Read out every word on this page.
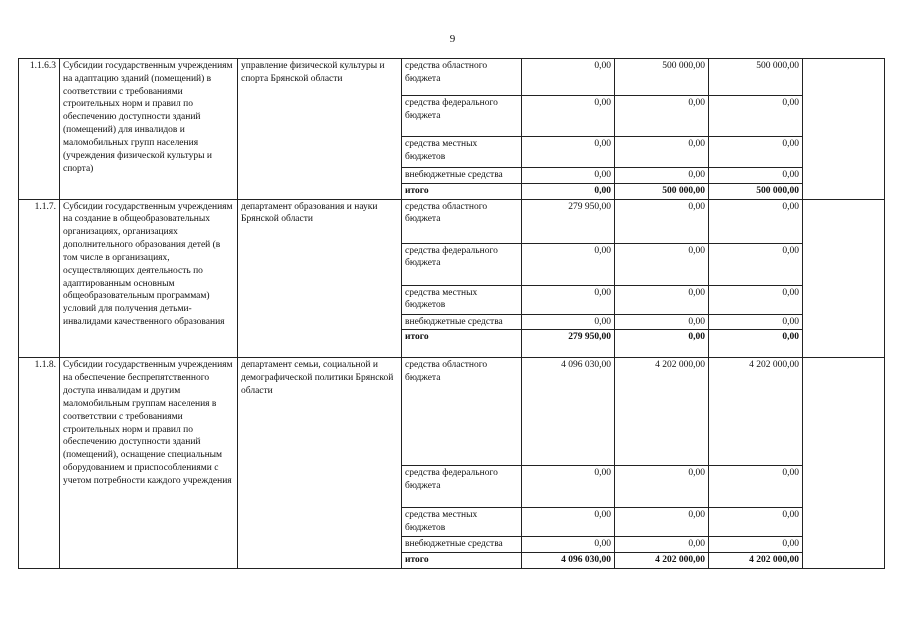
9
1.1.6.3	Субсидии государственным учреждениям на адаптацию зданий (помещений) в соответствии с требованиями строительных норм и правил по обеспечению доступности зданий (помещений) для инвалидов и маломобильных групп населения (учреждения физической культуры и спорта)	управление физической культуры и спорта Брянской области	средства областного бюджета	0,00	500 000,00	500 000,00	
			средства федерального бюджета	0,00	0,00	0,00	
			средства местных бюджетов	0,00	0,00	0,00	
			внебюджетные средства	0,00	0,00	0,00	
			итого	0,00	500 000,00	500 000,00	
1.1.7.	Субсидии государственным учреждениям на создание в общеобразовательных организациях, организациях дополнительного образования детей (в том числе в организациях, осуществляющих деятельность по адаптированным основным общеобразовательным программам) условий для получения детьми-инвалидами качественного образования	департамент образования и науки Брянской области	средства областного бюджета	279 950,00	0,00	0,00	
			средства федерального бюджета	0,00	0,00	0,00	
			средства местных бюджетов	0,00	0,00	0,00	
			внебюджетные средства	0,00	0,00	0,00	
			итого	279 950,00	0,00	0,00	
1.1.8.	Субсидии государственным учреждениям на обеспечение беспрепятственного доступа инвалидам и другим маломобильным группам населения в соответствии с требованиями строительных норм и правил по обеспечению доступности зданий (помещений), оснащение специальным оборудованием и приспособлениями с учетом потребности каждого учреждения	департамент семьи, социальной и демографической политики Брянской области	средства областного бюджета	4 096 030,00	4 202 000,00	4 202 000,00	
			средства федерального бюджета	0,00	0,00	0,00	
			средства местных бюджетов	0,00	0,00	0,00	
			внебюджетные средства	0,00	0,00	0,00	
			итого	4 096 030,00	4 202 000,00	4 202 000,00	
